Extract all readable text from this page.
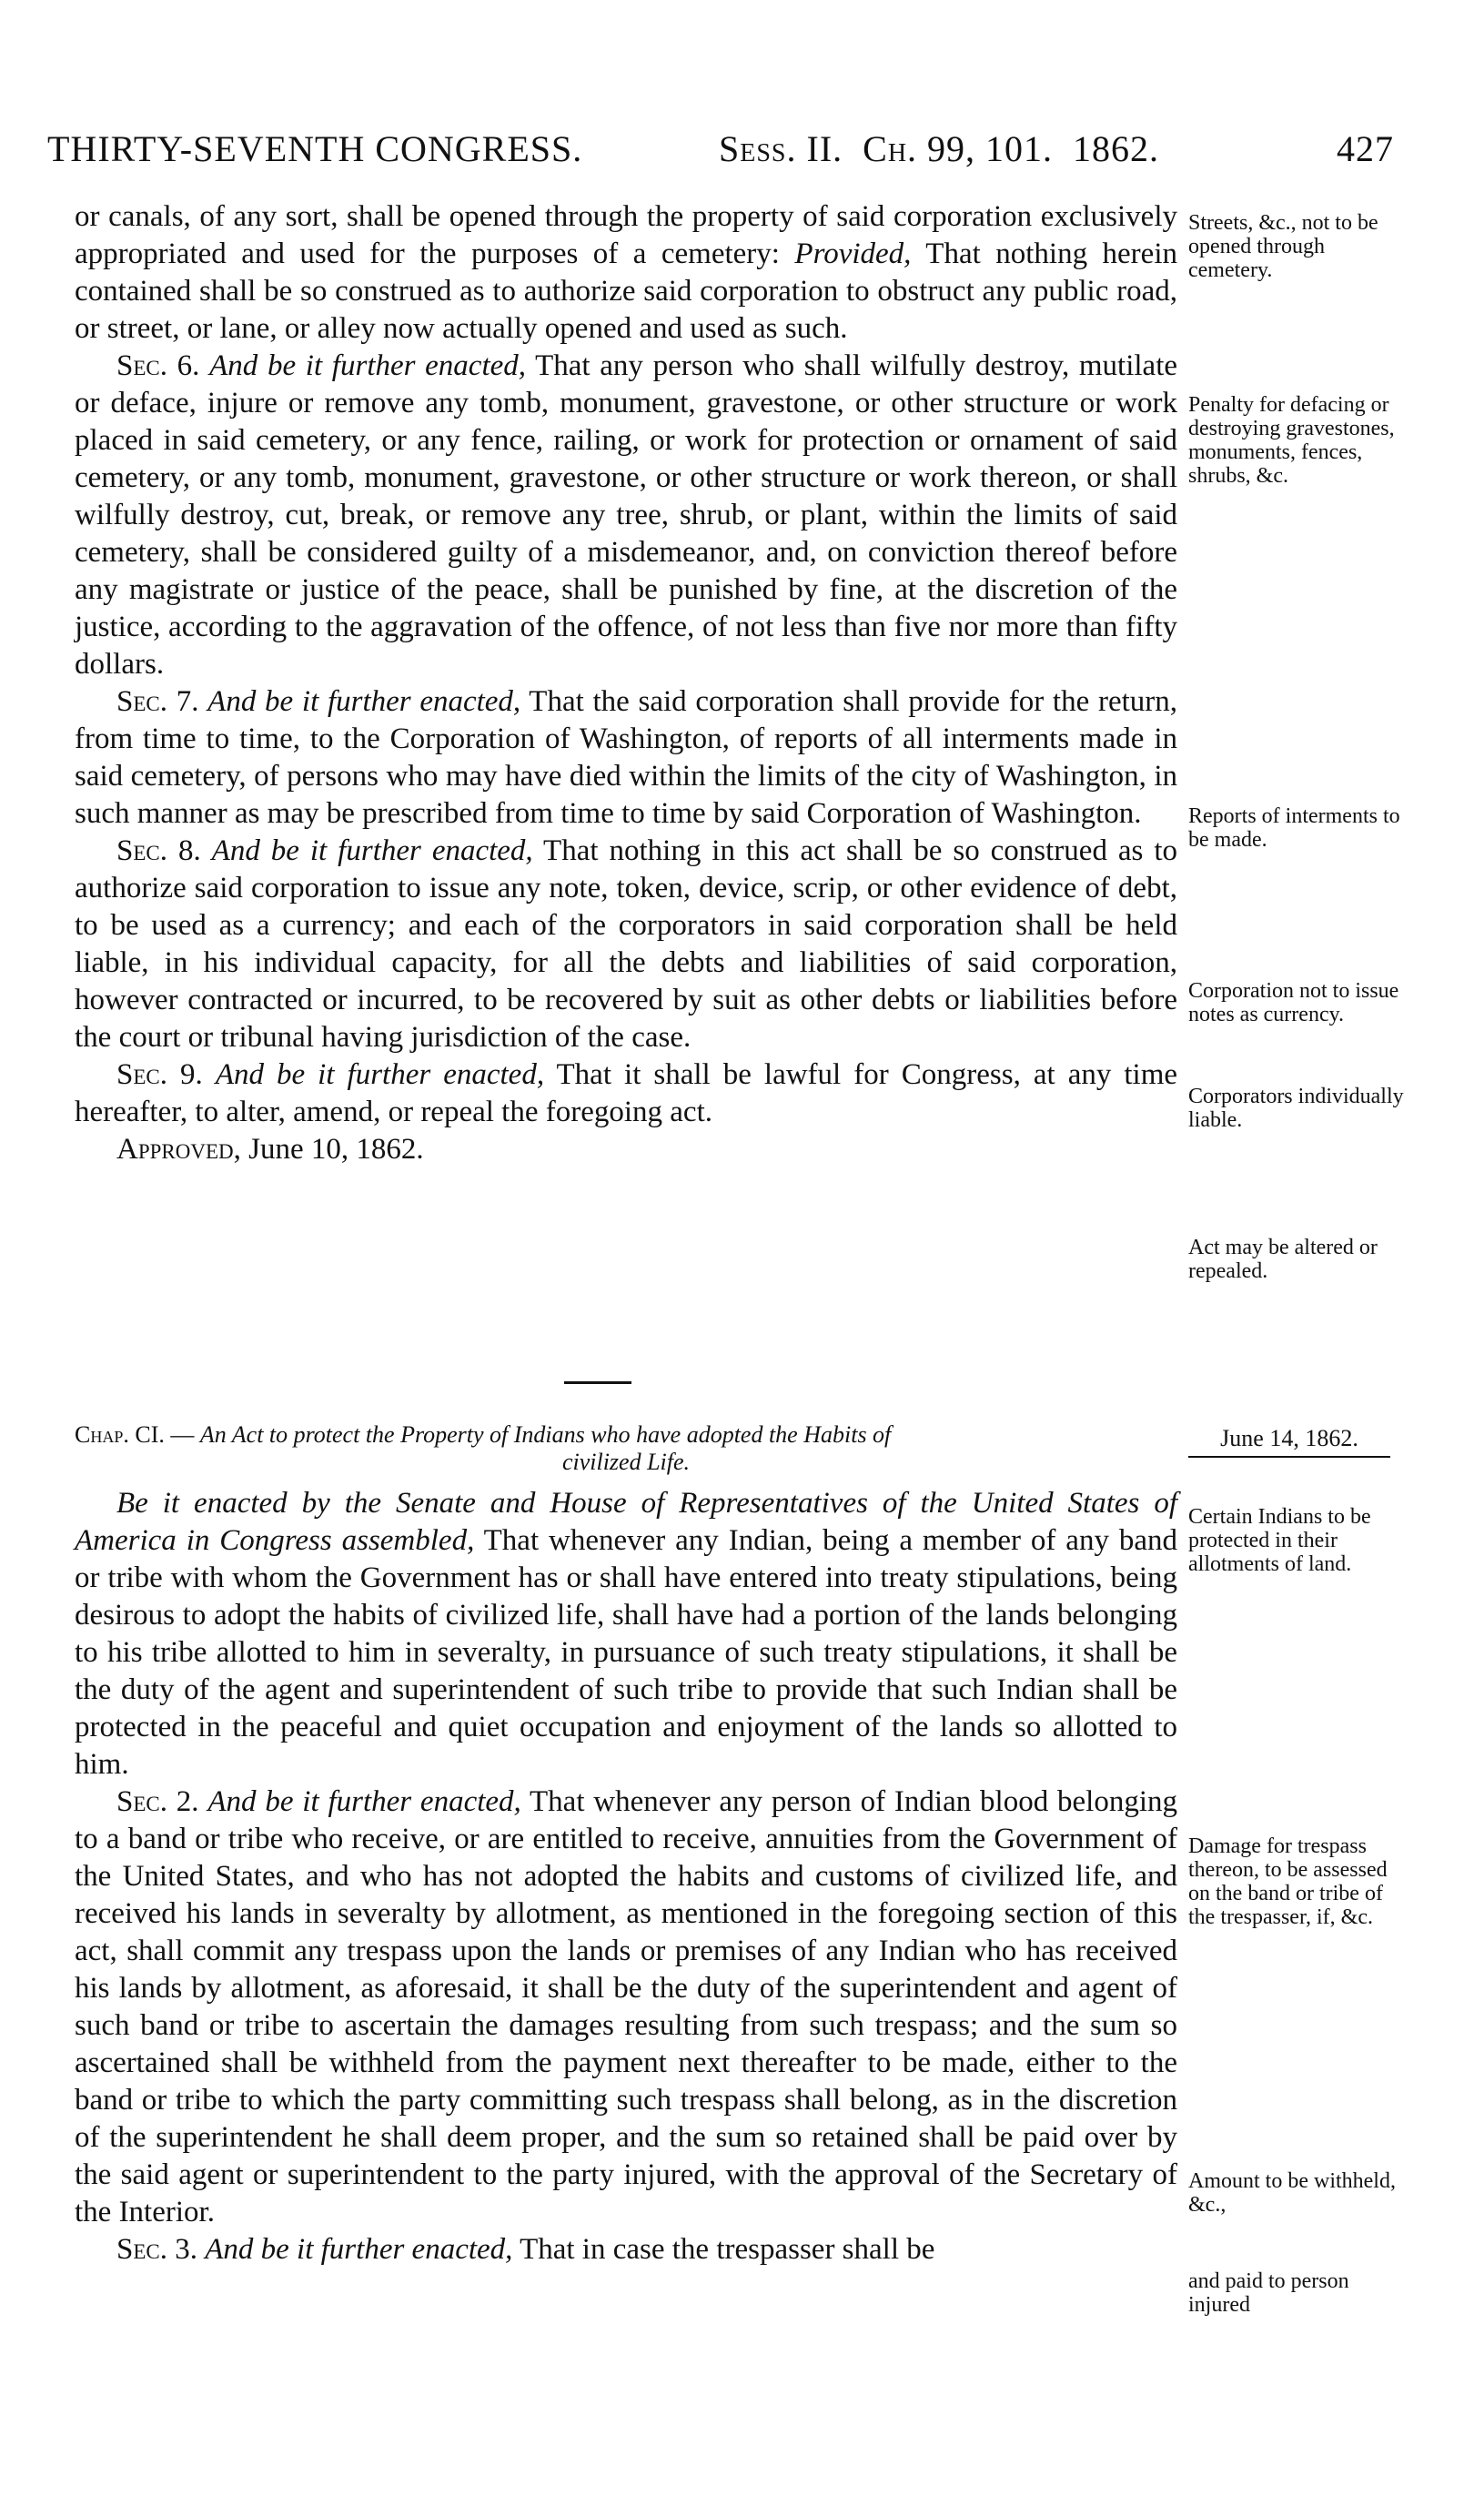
THIRTY-SEVENTH CONGRESS.	Sess. II. Ch. 99, 101. 1862.	427

or canals, of any sort, shall be opened through the property of said corporation exclusively appropriated and used for the purposes of a cemetery: Provided, That nothing herein contained shall be so construed as to authorize said corporation to obstruct any public road, or street, or lane, or alley now actually opened and used as such.

Sec. 6. And be it further enacted, That any person who shall wilfully destroy, mutilate or deface, injure or remove any tomb, monument, gravestone, or other structure or work placed in said cemetery, or any fence, railing, or work for protection or ornament of said cemetery, or any tomb, monument, gravestone, or other structure or work thereon, or shall wilfully destroy, cut, break, or remove any tree, shrub, or plant, within the limits of said cemetery, shall be considered guilty of a misdemeanor, and, on conviction thereof before any magistrate or justice of the peace, shall be punished by fine, at the discretion of the justice, according to the aggravation of the offence, of not less than five nor more than fifty dollars.

Sec. 7. And be it further enacted, That the said corporation shall provide for the return, from time to time, to the Corporation of Washington, of reports of all interments made in said cemetery, of persons who may have died within the limits of the city of Washington, in such manner as may be prescribed from time to time by said Corporation of Washington.

Sec. 8. And be it further enacted, That nothing in this act shall be so construed as to authorize said corporation to issue any note, token, device, scrip, or other evidence of debt, to be used as a currency; and each of the corporators in said corporation shall be held liable, in his individual capacity, for all the debts and liabilities of said corporation, however contracted or incurred, to be recovered by suit as other debts or liabilities before the court or tribunal having jurisdiction of the case.

Sec. 9. And be it further enacted, That it shall be lawful for Congress, at any time hereafter, to alter, amend, or repeal the foregoing act.

Approved, June 10, 1862.

Streets, &c., not to be opened through cemetery.
Penalty for defacing or destroying gravestones, monuments, fences, shrubs, &c.
Reports of interments to be made.
Corporation not to issue notes as currency.
Corporators individually liable.
Act may be altered or repealed.
Chap. CI. — An Act to protect the Property of Indians who have adopted the Habits of
civilized Life.
June 14, 1862.

Be it enacted by the Senate and House of Representatives of the United States of America in Congress assembled, That whenever any Indian, being a member of any band or tribe with whom the Government has or shall have entered into treaty stipulations, being desirous to adopt the habits of civilized life, shall have had a portion of the lands belonging to his tribe allotted to him in severalty, in pursuance of such treaty stipulations, it shall be the duty of the agent and superintendent of such tribe to provide that such Indian shall be protected in the peaceful and quiet occupation and enjoyment of the lands so allotted to him.

Sec. 2. And be it further enacted, That whenever any person of Indian blood belonging to a band or tribe who receive, or are entitled to receive, annuities from the Government of the United States, and who has not adopted the habits and customs of civilized life, and received his lands in severalty by allotment, as mentioned in the foregoing section of this act, shall commit any trespass upon the lands or premises of any Indian who has received his lands by allotment, as aforesaid, it shall be the duty of the superintendent and agent of such band or tribe to ascertain the damages resulting from such trespass; and the sum so ascertained shall be withheld from the payment next thereafter to be made, either to the band or tribe to which the party committing such trespass shall belong, as in the discretion of the superintendent he shall deem proper, and the sum so retained shall be paid over by the said agent or superintendent to the party injured, with the approval of the Secretary of the Interior.

Sec. 3. And be it further enacted, That in case the trespasser shall be

Certain Indians to be protected in their allotments of land.
Damage for trespass thereon, to be assessed on the band or tribe of the trespasser, if, &c.
Amount to be withheld, &c.,
and paid to person injured
